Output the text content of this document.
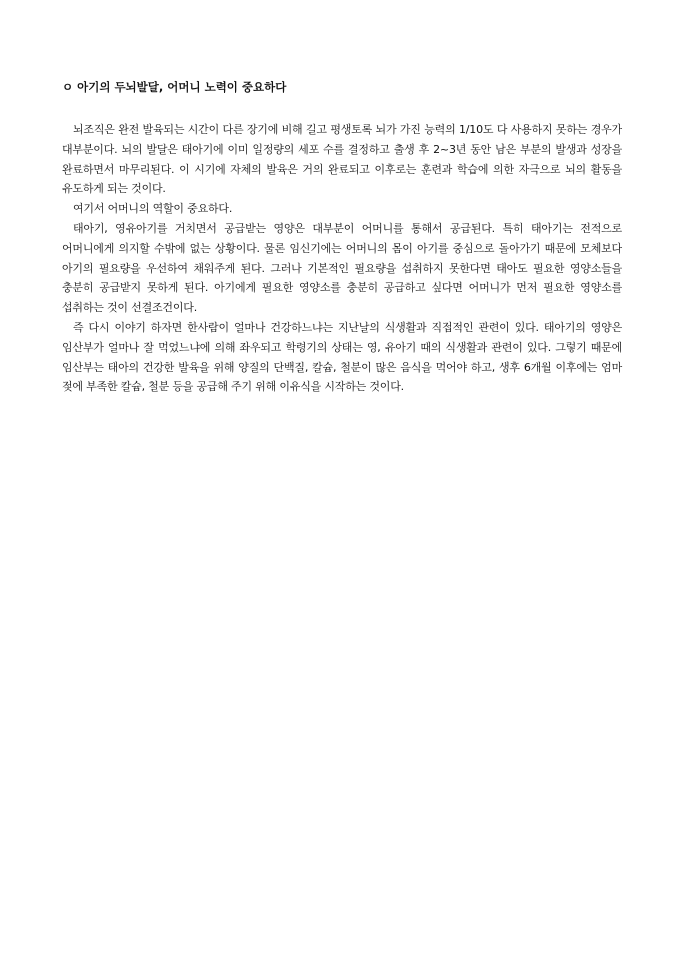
ㅇ 아기의 두뇌발달, 어머니 노력이 중요하다

뇌조직은 완전 발육되는 시간이 다른 장기에 비해 길고 평생토록 뇌가 가진 능력의 1/10도 다 사용하지 못하는 경우가 대부분이다. 뇌의 발달은 태아기에 이미 일정량의 세포 수를 결정하고 출생 후 2~3년 동안 남은 부분의 발생과 성장을 완료하면서 마무리된다. 이 시기에 자체의 발육은 거의 완료되고 이후로는 훈련과 학습에 의한 자극으로 뇌의 활동을 유도하게 되는 것이다.

여기서 어머니의 역할이 중요하다.

태아기, 영유아기를 거치면서 공급받는 영양은 대부분이 어머니를 통해서 공급된다. 특히 태아기는 전적으로 어머니에게 의지할 수밖에 없는 상황이다. 물론 임신기에는 어머니의 몸이 아기를 중심으로 돌아가기 때문에 모체보다 아기의 필요량을 우선하여 채워주게 된다. 그러나 기본적인 필요량을 섭취하지 못한다면 태아도 필요한 영양소들을 충분히 공급받지 못하게 된다. 아기에게 필요한 영양소를 충분히 공급하고 싶다면 어머니가 먼저 필요한 영양소를 섭취하는 것이 선결조건이다.

즉 다시 이야기 하자면 한사람이 얼마나 건강하느냐는 지난날의 식생활과 직접적인 관련이 있다. 태아기의 영양은 임산부가 얼마나 잘 먹었느냐에 의해 좌우되고 학령기의 상태는 영, 유아기 때의 식생활과 관련이 있다. 그렇기 때문에 임산부는 태아의 건강한 발육을 위해 양질의 단백질, 칼슘, 철분이 많은 음식을 먹어야 하고, 생후 6개월 이후에는 엄마 젖에 부족한 칼슘, 철분 등을 공급해 주기 위해 이유식을 시작하는 것이다.
